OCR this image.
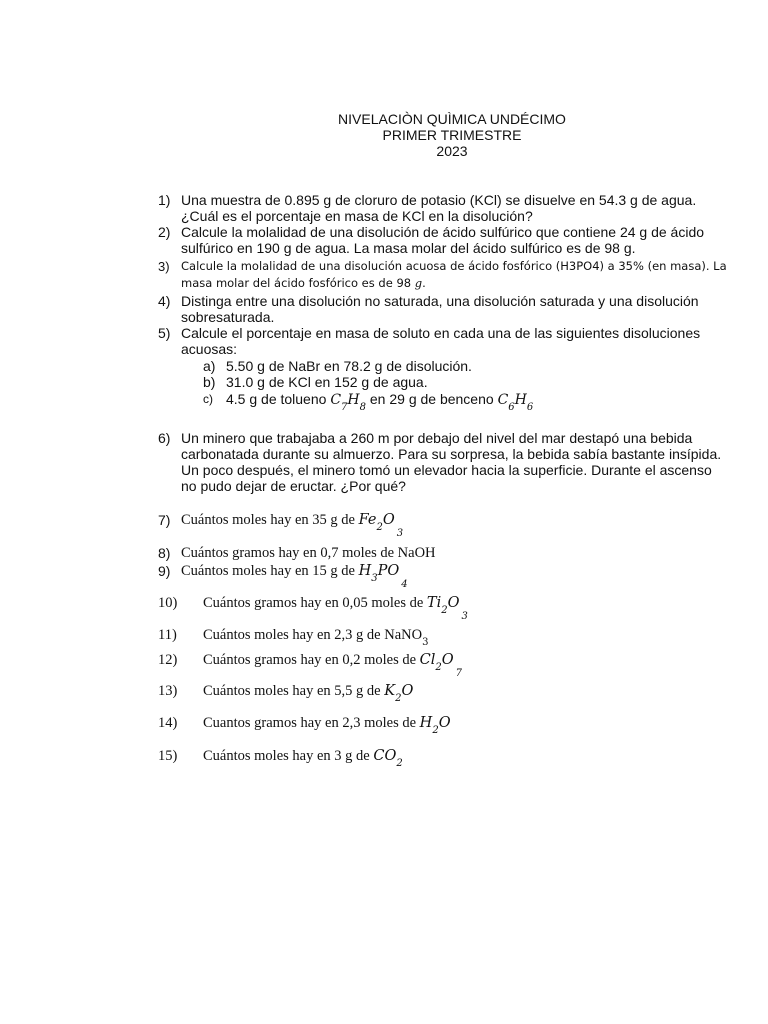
NIVELACIÒN QUÌMICA UNDÉCIMO
PRIMER TRIMESTRE
2023
1) Una muestra de 0.895 g de cloruro de potasio (KCl) se disuelve en 54.3 g de agua.
¿Cuál es el porcentaje en masa de KCl en la disolución?
2) Calcule la molalidad de una disolución de ácido sulfúrico que contiene 24 g de ácido
sulfúrico en 190 g de agua. La masa molar del ácido sulfúrico es de 98 g.
3) Calcule la molalidad de una disolución acuosa de ácido fosfórico (H3PO4) a 35% (en masa). La
masa molar del ácido fosfórico es de 98 g.
4) Distinga entre una disolución no saturada, una disolución saturada y una disolución
sobresaturada.
5) Calcule el porcentaje en masa de soluto en cada una de las siguientes disoluciones
acuosas:
a) 5.50 g de NaBr en 78.2 g de disolución.
b) 31.0 g de KCl en 152 g de agua.
c) 4.5 g de tolueno $C_7H_8$ en 29 g de benceno $C_6H_6$
6) Un minero que trabajaba a 260 m por debajo del nivel del mar destapó una bebida
carbonatada durante su almuerzo. Para su sorpresa, la bebida sabía bastante insípida.
Un poco después, el minero tomó un elevador hacia la superficie. Durante el ascenso
no pudo dejar de eructar. ¿Por qué?
7) Cuántos moles hay en 35 g de $Fe_2O_3$
8) Cuántos gramos hay en 0,7 moles de NaOH
9) Cuántos moles hay en 15 g de $H_3PO_4$
10) Cuántos gramos hay en 0,05 moles de $Ti_2O_3$
11) Cuántos moles hay en 2,3 g de NaNO$_3$
12) Cuántos gramos hay en 0,2 moles de $Cl_2O_7$
13) Cuántos moles hay en 5,5 g de $K_2O$
14) Cuantos gramos hay en 2,3 moles de $H_2O$
15) Cuántos moles hay en 3 g de $CO_2$
